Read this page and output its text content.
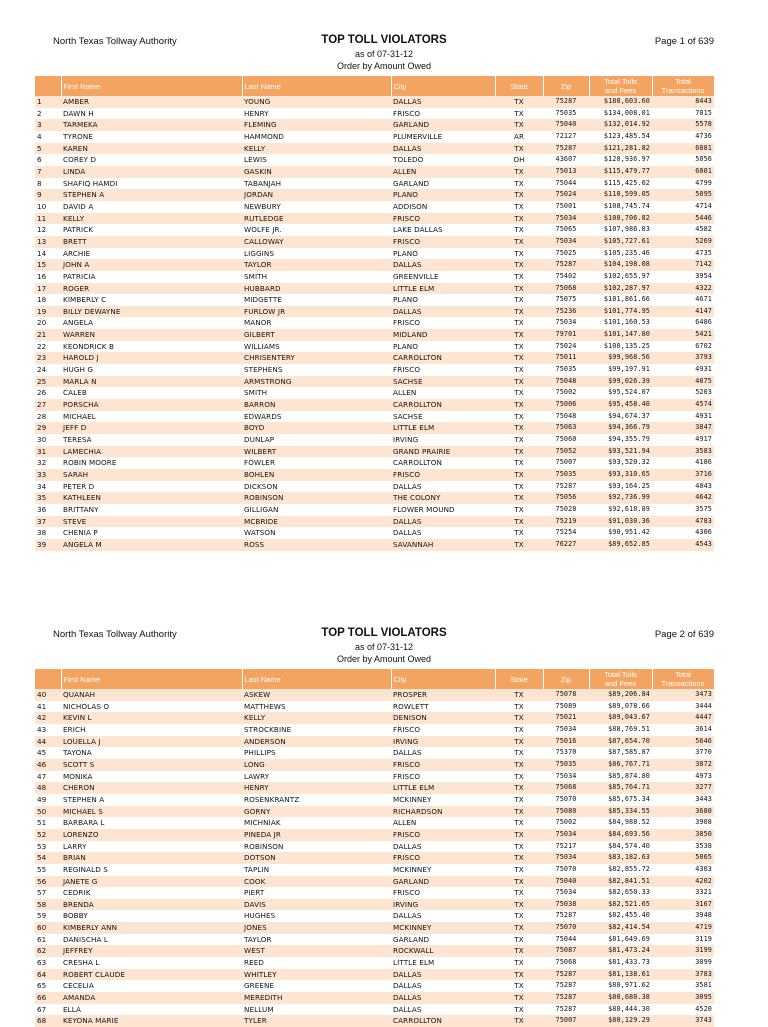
North Texas Tollway Authority	TOP TOLL VIOLATORS
as of 07-31-12
Order by Amount Owed
Page 1 of 639
	First Name	Last Name	City	State	Zip	Total Tolls
and Fees	Total
Transactions
1	AMBER	YOUNG	DALLAS	TX	75287	$180,603.60	8443
2	DAWN H	HENRY	FRISCO	TX	75035	$134,008.01	7015
3	TARMEKA	FLEMING	GARLAND	TX	75040	$132,014.92	5578
4	TYRONE	HAMMOND	PLUMERVILLE	AR	72127	$123,485.54	4736
5	KAREN	KELLY	DALLAS	TX	75287	$121,281.82	6081
6	COREY D	LEWIS	TOLEDO	OH	43607	$120,936.97	5056
7	LINDA	GASKIN	ALLEN	TX	75013	$115,479.77	6001
8	SHAFIQ HAMDI	TABANJAH	GARLAND	TX	75044	$115,425.02	4799
9	STEPHEN A	JORDAN	PLANO	TX	75024	$110,599.05	5095
10	DAVID A	NEWBURY	ADDISON	TX	75001	$108,745.74	4714
11	KELLY	RUTLEDGE	FRISCO	TX	75034	$108,706.82	5446
12	PATRICK	WOLFE JR.	LAKE DALLAS	TX	75065	$107,986.83	4582
13	BRETT	CALLOWAY	FRISCO	TX	75034	$105,727.61	5269
14	ARCHIE	LIGGINS	PLANO	TX	75025	$105,235.46	4735
15	JOHN A	TAYLOR	DALLAS	TX	75287	$104,198.08	7142
16	PATRICIA	SMITH	GREENVILLE	TX	75402	$102,655.97	3954
17	ROGER	HUBBARD	LITTLE ELM	TX	75068	$102,287.97	4322
18	KIMBERLY C	MIDGETTE	PLANO	TX	75075	$101,861.66	4671
19	BILLY DEWAYNE	FURLOW JR	DALLAS	TX	75236	$101,774.95	4147
20	ANGELA	MANOR	FRISCO	TX	75034	$101,160.53	6486
21	WARREN	GILBERT	MIDLAND	TX	79701	$101,147.80	5421
22	KEONDRICK B	WILLIAMS	PLANO	TX	75024	$100,135.25	6702
23	HAROLD J	CHRISENTERY	CARROLLTON	TX	75011	$99,968.56	3793
24	HUGH G	STEPHENS	FRISCO	TX	75035	$99,197.91	4931
25	MARLA N	ARMSTRONG	SACHSE	TX	75048	$99,026.39	4875
26	CALEB	SMITH	ALLEN	TX	75002	$95,524.07	5203
27	PORSCHA	BARRON	CARROLLTON	TX	75006	$95,458.40	4574
28	MICHAEL	EDWARDS	SACHSE	TX	75048	$94,674.37	4931
29	JEFF D	BOYD	LITTLE ELM	TX	75063	$94,366.79	3847
30	TERESA	DUNLAP	IRVING	TX	75060	$94,355.79	4917
31	LAMECHIA	WILBERT	GRAND PRAIRIE	TX	75052	$93,521.94	3583
32	ROBIN MOORE	FOWLER	CARROLLTON	TX	75007	$93,520.32	4186
33	SARAH	BOHLEN	FRISCO	TX	75035	$93,310.65	3716
34	PETER D	DICKSON	DALLAS	TX	75287	$93,164.25	4843
35	KATHLEEN	ROBINSON	THE COLONY	TX	75056	$92,736.99	4642
36	BRITTANY	GILLIGAN	FLOWER MOUND	TX	75028	$92,618.89	3575
37	STEVE	MCBRIDE	DALLAS	TX	75219	$91,030.36	4783
38	CHENIA P	WATSON	DALLAS	TX	75254	$90,951.42	4306
39	ANGELA M	ROSS	SAVANNAH	TX	76227	$89,652.85	4543
North Texas Tollway Authority	TOP TOLL VIOLATORS
as of 07-31-12
Order by Amount Owed
Page 2 of 639
	First Name	Last Name	City	State	Zip	Total Tolls
and Fees	Total
Transactions
40	QUANAH	ASKEW	PROSPER	TX	75078	$89,206.84	3473
41	NICHOLAS O	MATTHEWS	ROWLETT	TX	75089	$89,078.66	3444
42	KEVIN L	KELLY	DENISON	TX	75021	$89,043.67	4447
43	ERICH	STROCKBINE	FRISCO	TX	75034	$88,769.51	3614
44	LOUELLA J	ANDERSON	IRVING	TX	75016	$87,654.70	5646
45	TAYONA	PHILLIPS	DALLAS	TX	75370	$87,585.87	3770
46	SCOTT S	LONG	FRISCO	TX	75035	$86,767.71	3872
47	MONIKA	LAWRY	FRISCO	TX	75034	$85,874.80	4973
48	CHERON	HENRY	LITTLE ELM	TX	75068	$85,764.71	3277
49	STEPHEN A	ROSENKRANTZ	MCKINNEY	TX	75070	$85,675.34	3443
50	MICHAEL S	GORNY	RICHARDSON	TX	75080	$85,334.55	3680
51	BARBARA L	MICHNIAK	ALLEN	TX	75002	$84,988.52	3908
52	LORENZO	PINEDA JR	FRISCO	TX	75034	$84,693.56	3850
53	LARRY	ROBINSON	DALLAS	TX	75217	$84,574.40	3538
54	BRIAN	DOTSON	FRISCO	TX	75034	$83,182.63	5065
55	REGINALD S	TAPLIN	MCKINNEY	TX	75070	$82,855.72	4303
56	JANETE G	COOK	GARLAND	TX	75040	$82,841.51	4202
57	CEDRIK	PIERT	FRISCO	TX	75034	$82,650.33	3321
58	BRENDA	DAVIS	IRVING	TX	75038	$82,521.65	3167
59	BOBBY	HUGHES	DALLAS	TX	75287	$82,455.40	3948
60	KIMBERLY ANN	JONES	MCKINNEY	TX	75070	$82,414.54	4719
61	DANISCHA L	TAYLOR	GARLAND	TX	75044	$81,649.69	3119
62	JEFFREY	WEST	ROCKWALL	TX	75087	$81,473.24	3199
63	CRESHA L	REED	LITTLE ELM	TX	75068	$81,433.73	3099
64	ROBERT CLAUDE	WHITLEY	DALLAS	TX	75287	$81,138.61	3783
65	CECELIA	GREENE	DALLAS	TX	75287	$80,971.62	3581
66	AMANDA	MEREDITH	DALLAS	TX	75287	$80,680.38	3095
67	ELLA	NELLUM	DALLAS	TX	75287	$80,444.30	4520
68	KEYONA MARIE	TYLER	CARROLLTON	TX	75007	$80,129.29	3743
